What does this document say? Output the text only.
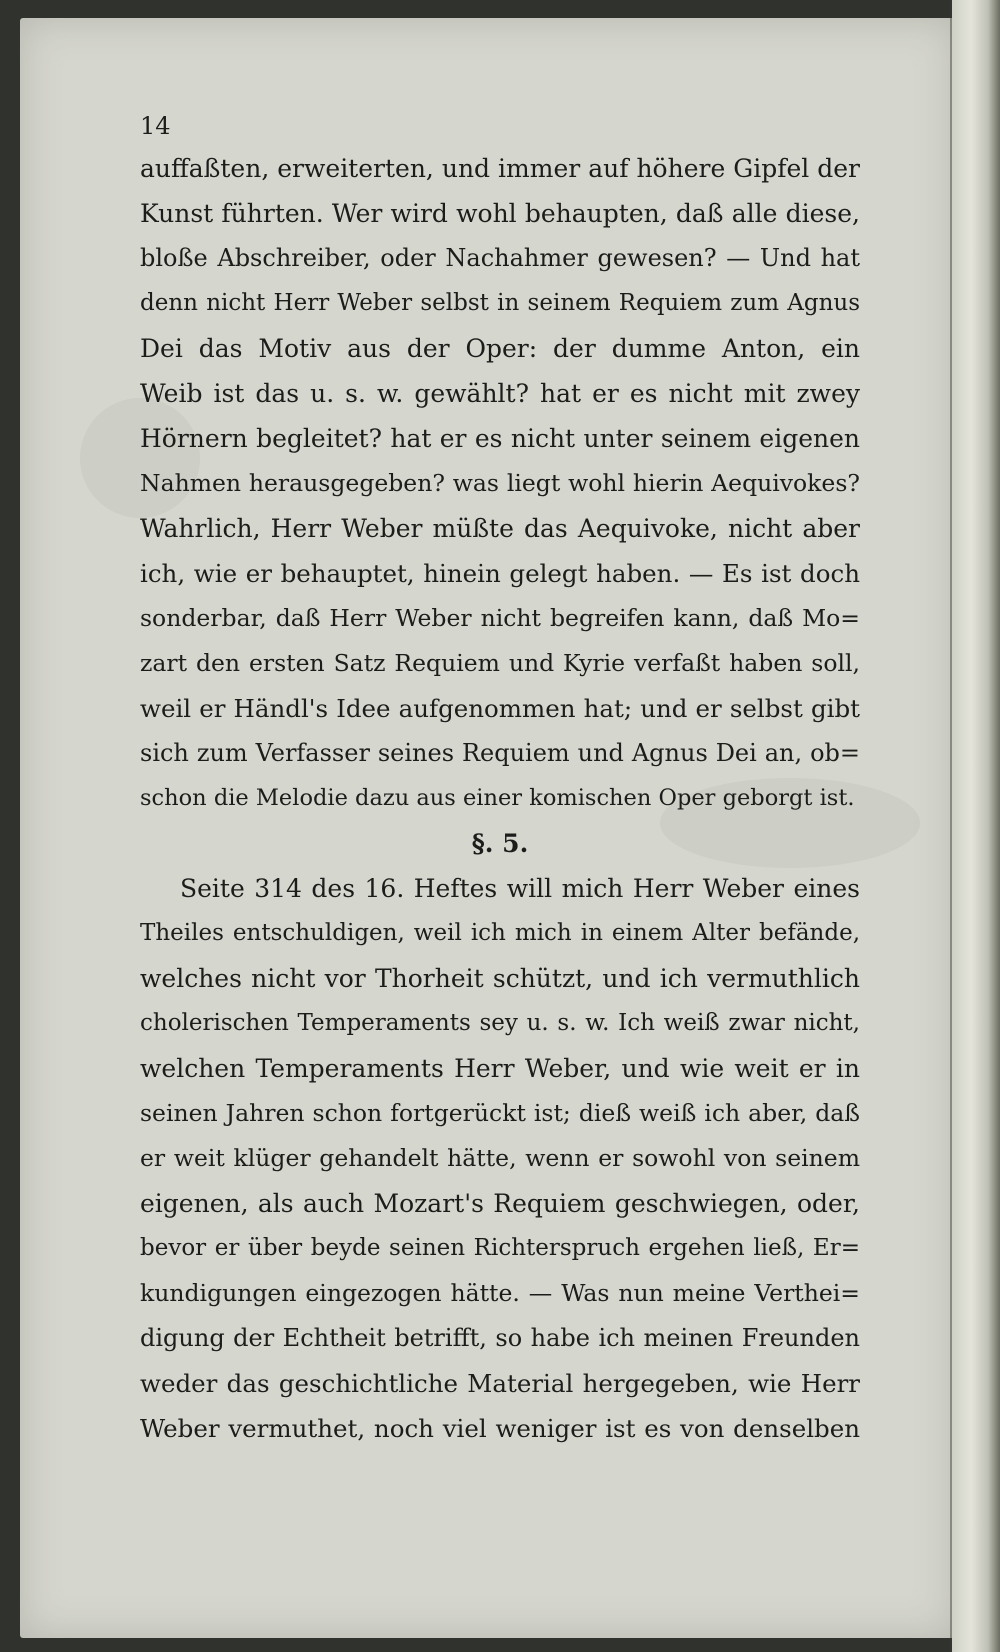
14
auffaßten, erweiterten, und immer auf höhere Gipfel der
Kunst führten. Wer wird wohl behaupten, daß alle diese,
bloße Abschreiber, oder Nachahmer gewesen? — Und hat
denn nicht Herr Weber selbst in seinem Requiem zum Agnus
Dei das Motiv aus der Oper: der dumme Anton, ein
Weib ist das u. s. w. gewählt? hat er es nicht mit zwey
Hörnern begleitet? hat er es nicht unter seinem eigenen
Nahmen herausgegeben? was liegt wohl hierin Aequivokes?
Wahrlich, Herr Weber müßte das Aequivoke, nicht aber
ich, wie er behauptet, hinein gelegt haben. — Es ist doch
sonderbar, daß Herr Weber nicht begreifen kann, daß Mo=
zart den ersten Satz Requiem und Kyrie verfaßt haben soll,
weil er Händl's Idee aufgenommen hat; und er selbst gibt
sich zum Verfasser seines Requiem und Agnus Dei an, ob=
schon die Melodie dazu aus einer komischen Oper geborgt ist.
§. 5.
Seite 314 des 16. Heftes will mich Herr Weber eines
Theiles entschuldigen, weil ich mich in einem Alter befände,
welches nicht vor Thorheit schützt, und ich vermuthlich
cholerischen Temperaments sey u. s. w. Ich weiß zwar nicht,
welchen Temperaments Herr Weber, und wie weit er in
seinen Jahren schon fortgerückt ist; dieß weiß ich aber, daß
er weit klüger gehandelt hätte, wenn er sowohl von seinem
eigenen, als auch Mozart's Requiem geschwiegen, oder,
bevor er über beyde seinen Richterspruch ergehen ließ, Er=
kundigungen eingezogen hätte. — Was nun meine Verthei=
digung der Echtheit betrifft, so habe ich meinen Freunden
weder das geschichtliche Material hergegeben, wie Herr
Weber vermuthet, noch viel weniger ist es von denselben
